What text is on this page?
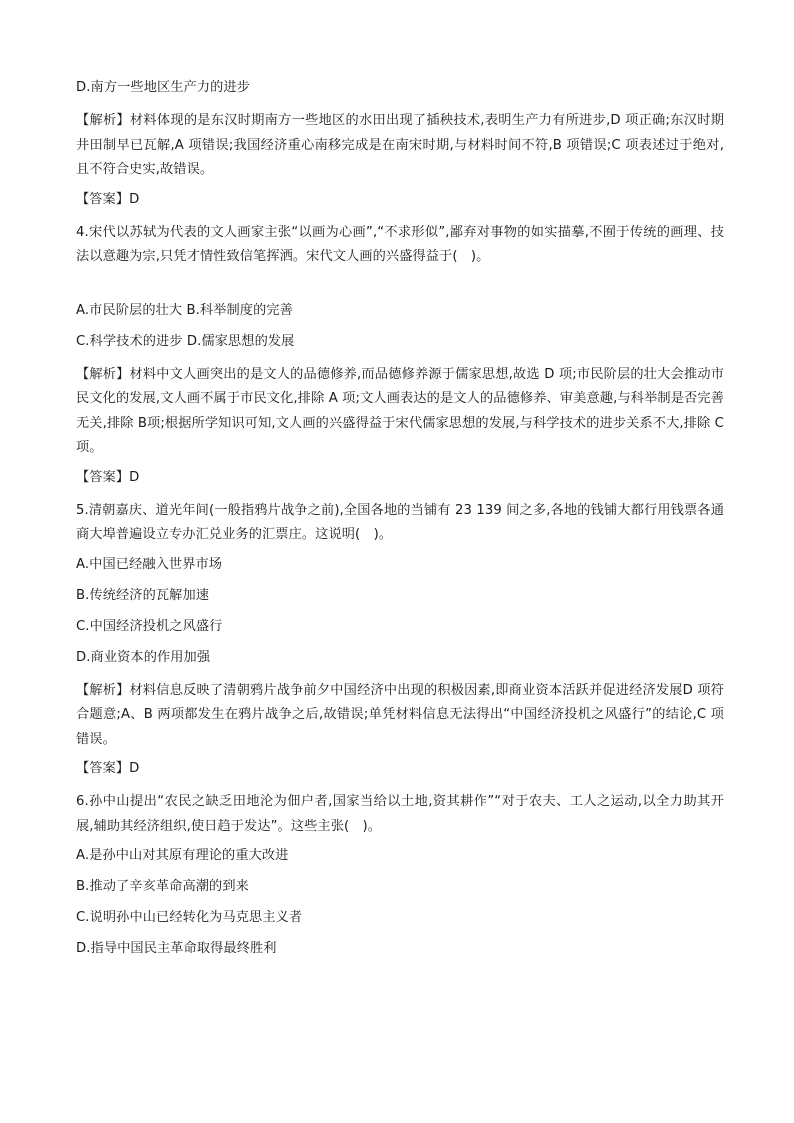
D.南方一些地区生产力的进步
【解析】材料体现的是东汉时期南方一些地区的水田出现了插秧技术,表明生产力有所进步,D 项正确;东汉时期井田制早已瓦解,A 项错误;我国经济重心南移完成是在南宋时期,与材料时间不符,B 项错误;C 项表述过于绝对,且不符合史实,故错误。
【答案】D
4.宋代以苏轼为代表的文人画家主张“以画为心画”,“不求形似”,鄙弃对事物的如实描摹,不囿于传统的画理、技法以意趣为宗,只凭才情性致信笔挥洒。宋代文人画的兴盛得益于(　)。
A.市民阶层的壮大 B.科举制度的完善
C.科学技术的进步 D.儒家思想的发展
【解析】材料中文人画突出的是文人的品德修养,而品德修养源于儒家思想,故选 D 项;市民阶层的壮大会推动市民文化的发展,文人画不属于市民文化,排除 A 项;文人画表达的是文人的品德修养、审美意趣,与科举制是否完善无关,排除 B项;根据所学知识可知,文人画的兴盛得益于宋代儒家思想的发展,与科学技术的进步关系不大,排除 C 项。
【答案】D
5.清朝嘉庆、道光年间(一般指鸦片战争之前),全国各地的当铺有 23 139 间之多,各地的钱铺大都行用钱票各通商大埠普遍设立专办汇兑业务的汇票庄。这说明(　)。
A.中国已经融入世界市场
B.传统经济的瓦解加速
C.中国经济投机之风盛行
D.商业资本的作用加强
【解析】材料信息反映了清朝鸦片战争前夕中国经济中出现的积极因素,即商业资本活跃并促进经济发展D 项符合题意;A、B 两项都发生在鸦片战争之后,故错误;单凭材料信息无法得出“中国经济投机之风盛行”的结论,C 项错误。
【答案】D
6.孙中山提出“农民之缺乏田地沦为佃户者,国家当给以土地,资其耕作”“对于农夫、工人之运动,以全力助其开展,辅助其经济组织,使日趋于发达”。这些主张(　)。
A.是孙中山对其原有理论的重大改进
B.推动了辛亥革命高潮的到来
C.说明孙中山已经转化为马克思主义者
D.指导中国民主革命取得最终胜利
